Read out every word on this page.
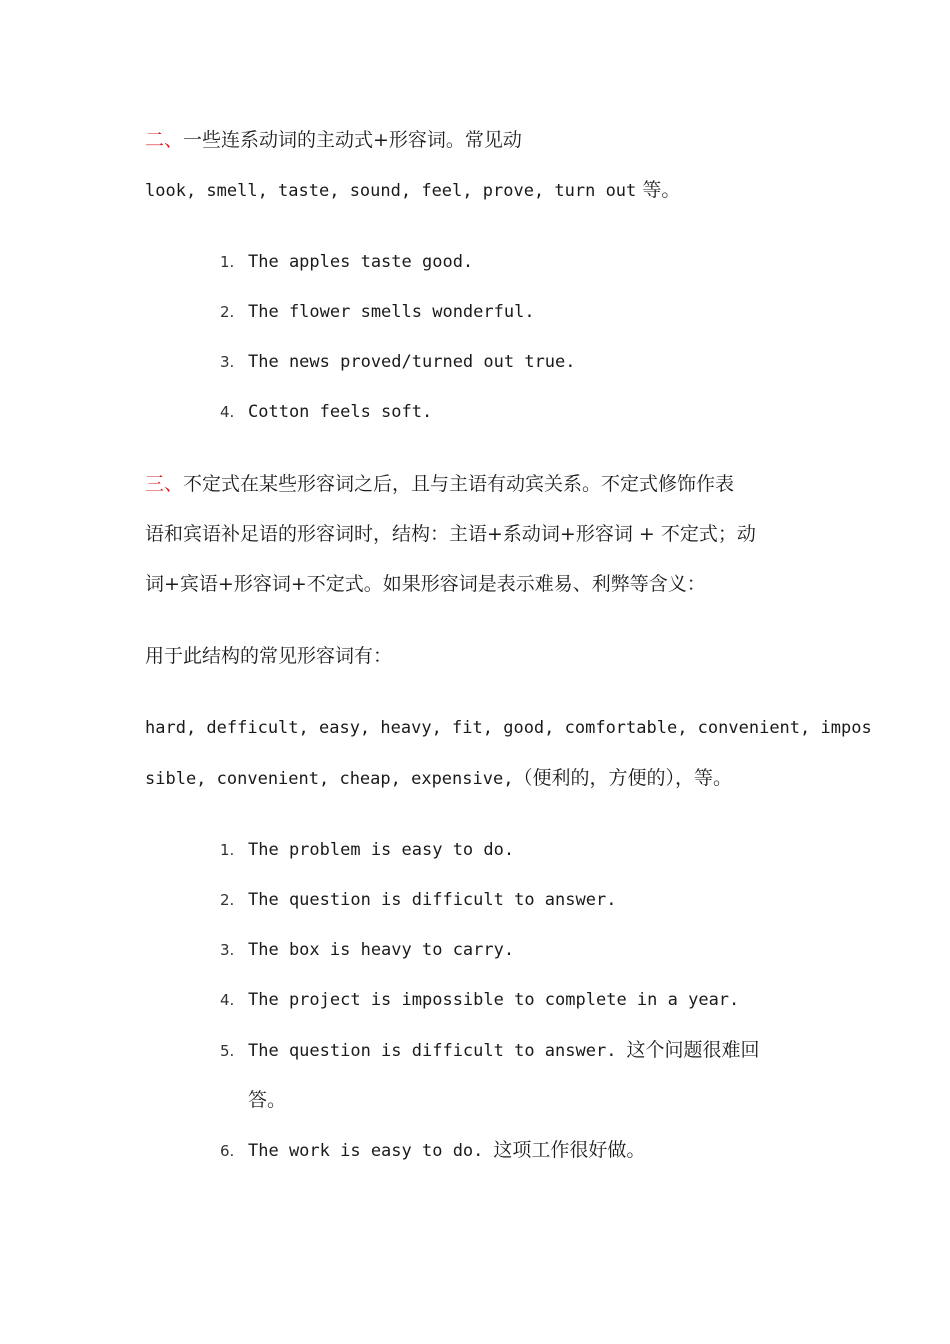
二、一些连系动词的主动式+形容词。常见动
look, smell, taste, sound, feel, prove, turn out 等。
1. The apples taste good.
2. The flower smells wonderful.
3. The news proved/turned out true.
4. Cotton feels soft.
三、不定式在某些形容词之后，且与主语有动宾关系。不定式修饰作表
语和宾语补足语的形容词时，结构：主语+系动词+形容词 + 不定式；动
词+宾语+形容词+不定式。如果形容词是表示难易、利弊等含义：
用于此结构的常见形容词有：
hard, defficult, easy, heavy, fit, good, comfortable, convenient, impos
sible, convenient, cheap, expensive,（便利的，方便的），等。
1. The problem is easy to do.
2. The question is difficult to answer.
3. The box is heavy to carry.
4. The project is impossible to complete in a year.
5. The question is difficult to answer. 这个问题很难回
答。
6. The work is easy to do. 这项工作很好做。
